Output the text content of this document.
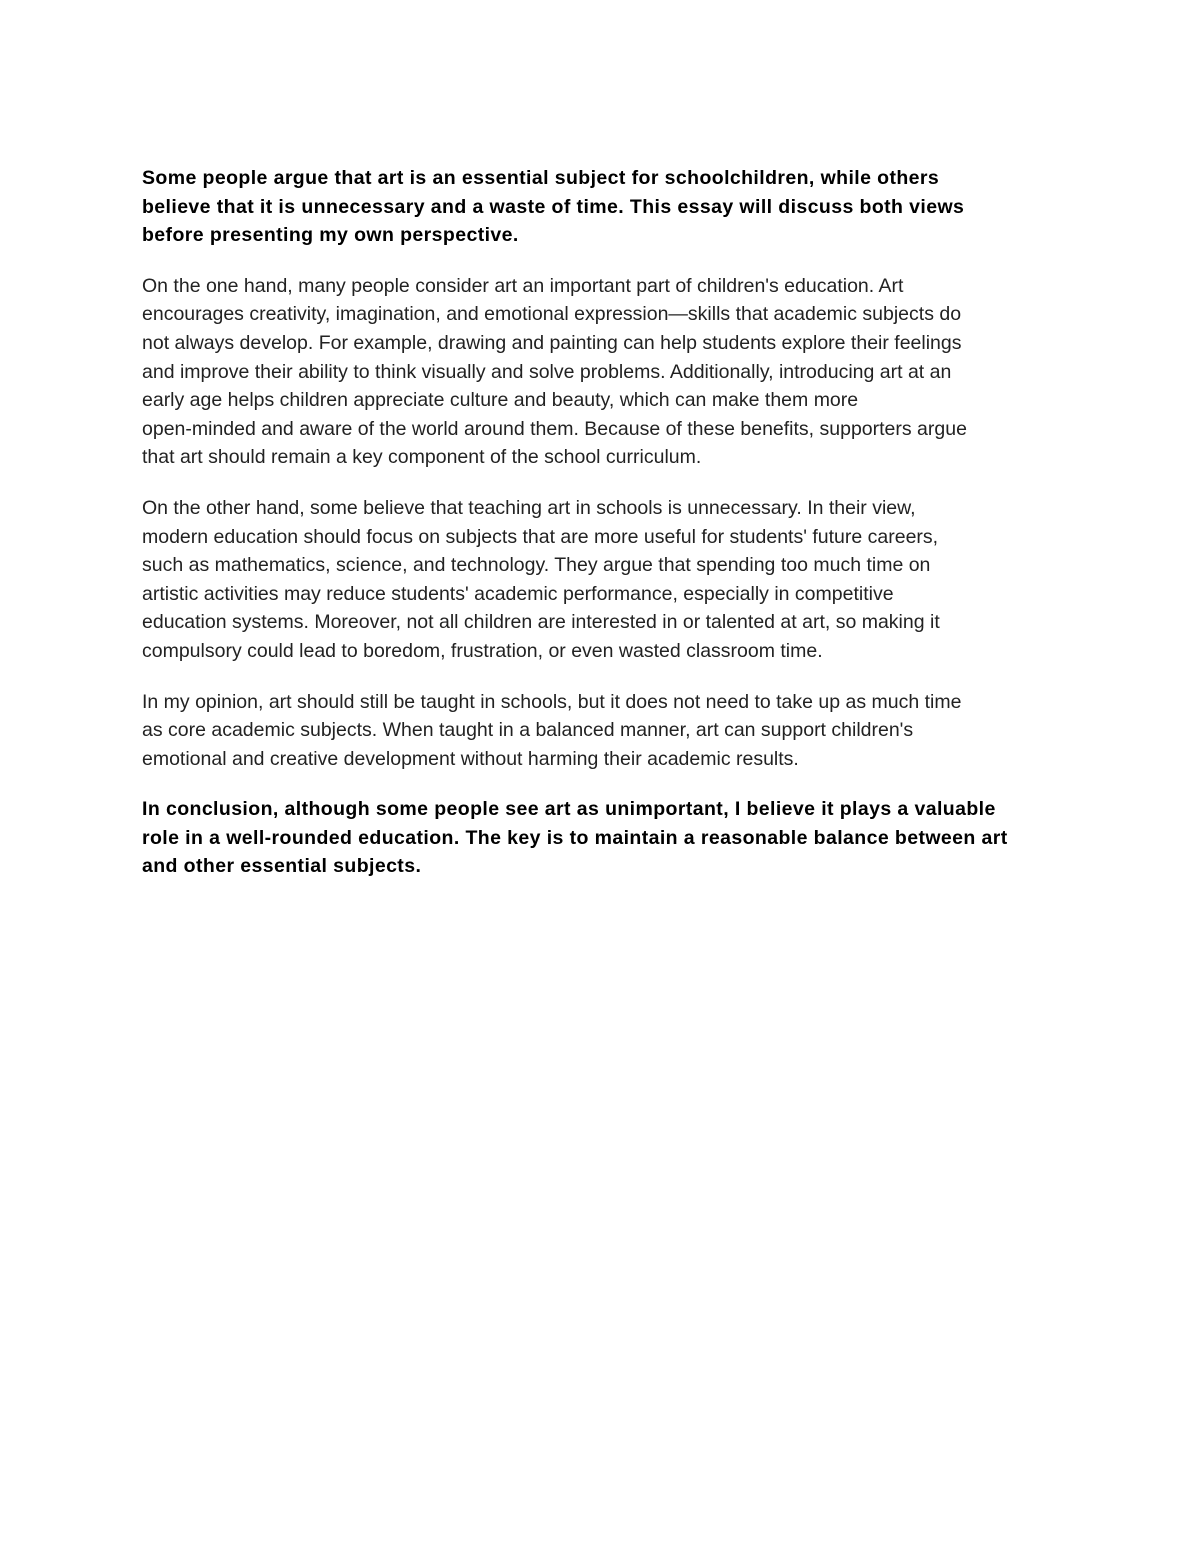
Some people argue that art is an essential subject for schoolchildren, while others
believe that it is unnecessary and a waste of time. This essay will discuss both views
before presenting my own perspective.

On the one hand, many people consider art an important part of children's education. Art
encourages creativity, imagination, and emotional expression—skills that academic subjects do
not always develop. For example, drawing and painting can help students explore their feelings
and improve their ability to think visually and solve problems. Additionally, introducing art at an
early age helps children appreciate culture and beauty, which can make them more
open-minded and aware of the world around them. Because of these benefits, supporters argue
that art should remain a key component of the school curriculum.

On the other hand, some believe that teaching art in schools is unnecessary. In their view,
modern education should focus on subjects that are more useful for students' future careers,
such as mathematics, science, and technology. They argue that spending too much time on
artistic activities may reduce students' academic performance, especially in competitive
education systems. Moreover, not all children are interested in or talented at art, so making it
compulsory could lead to boredom, frustration, or even wasted classroom time.

In my opinion, art should still be taught in schools, but it does not need to take up as much time
as core academic subjects. When taught in a balanced manner, art can support children's
emotional and creative development without harming their academic results.

In conclusion, although some people see art as unimportant, I believe it plays a valuable
role in a well-rounded education. The key is to maintain a reasonable balance between art
and other essential subjects.
